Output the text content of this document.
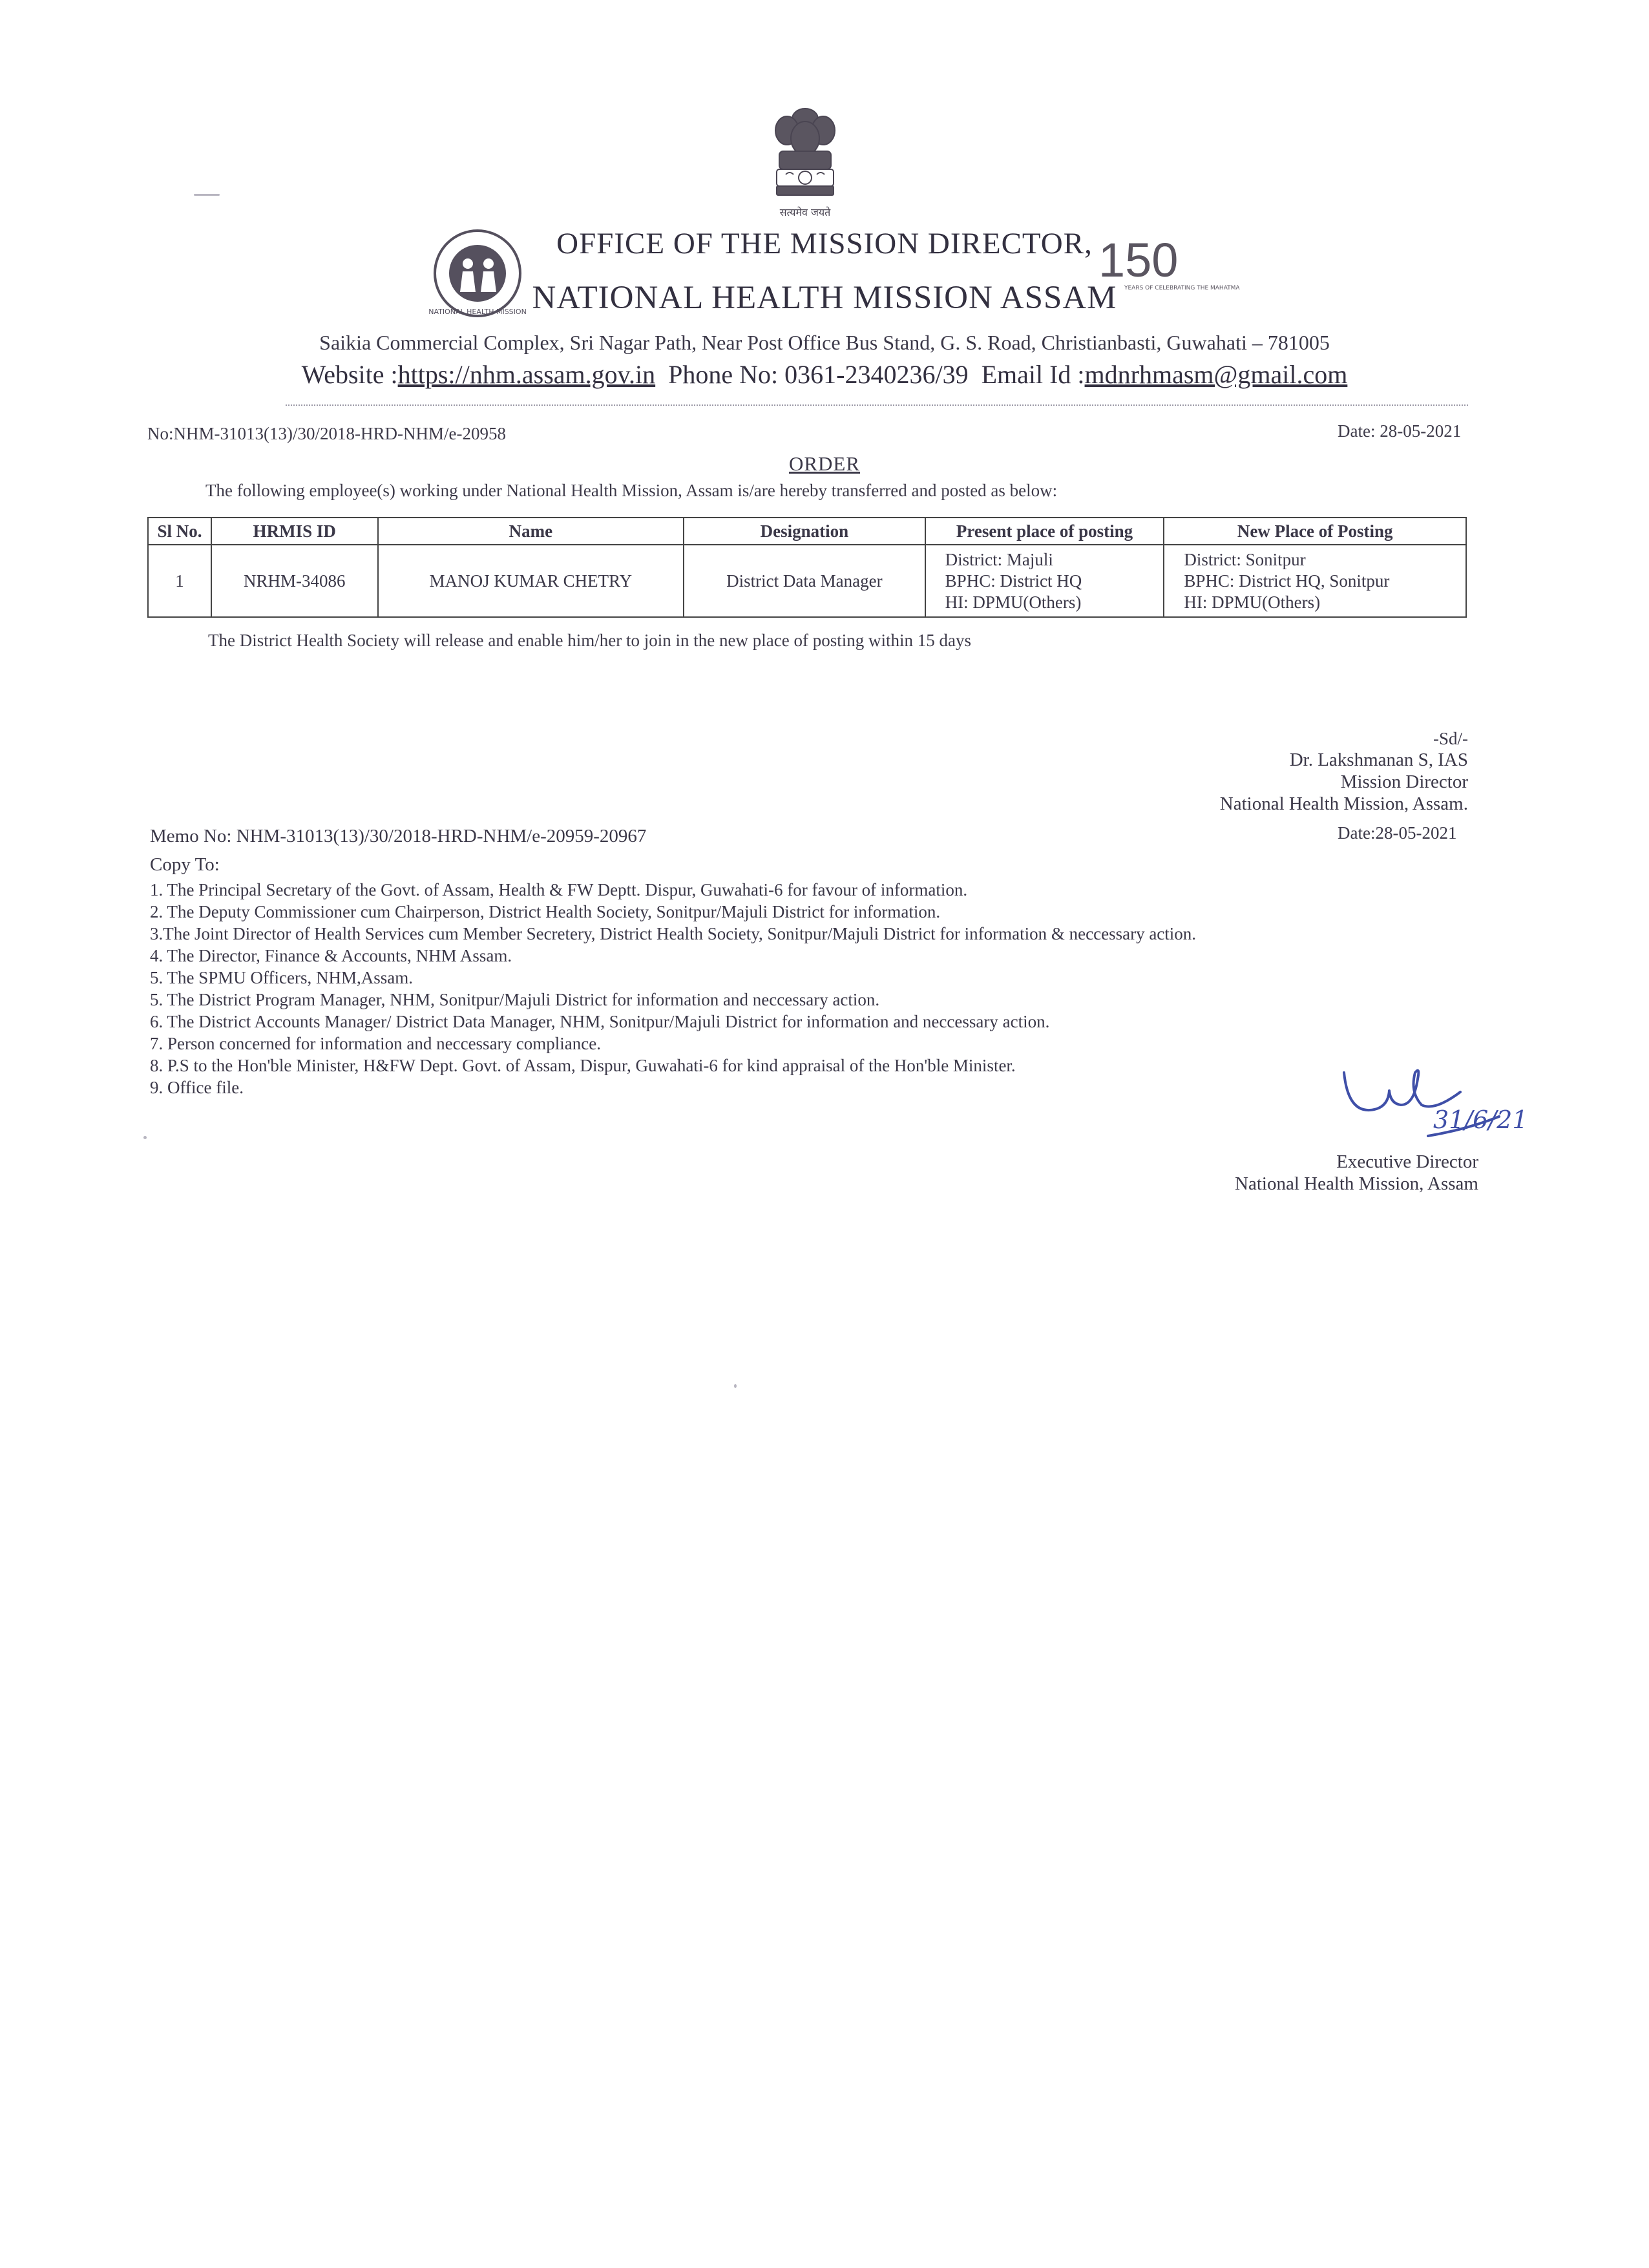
सत्यमेव जयते
NATIONAL HEALTH MISSION
150
YEARS OF CELEBRATING THE MAHATMA
OFFICE OF THE MISSION DIRECTOR,
NATIONAL HEALTH MISSION ASSAM
Saikia Commercial Complex, Sri Nagar Path, Near Post Office Bus Stand, G. S. Road, Christianbasti, Guwahati – 781005
Website :https://nhm.assam.gov.in Phone No: 0361-2340236/39 Email Id :mdnrhmasm@gmail.com
No:NHM-31013(13)/30/2018-HRD-NHM/e-20958	Date: 28-05-2021
ORDER
The following employee(s) working under National Health Mission, Assam is/are hereby transferred and posted as below:
Sl No.	HRMIS ID	Name	Designation	Present place of posting	New Place of Posting
1	NRHM-34086	MANOJ KUMAR CHETRY	District Data Manager	District: Majuli
BPHC: District HQ
HI: DPMU(Others)	District: Sonitpur
BPHC: District HQ, Sonitpur
HI: DPMU(Others)
The District Health Society will release and enable him/her to join in the new place of posting within 15 days
-Sd/-
Dr. Lakshmanan S, IAS
Mission Director
National Health Mission, Assam.
Memo No: NHM-31013(13)/30/2018-HRD-NHM/e-20959-20967	Date:28-05-2021
Copy To:
1. The Principal Secretary of the Govt. of Assam, Health & FW Deptt. Dispur, Guwahati-6 for favour of information.
2. The Deputy Commissioner cum Chairperson, District Health Society, Sonitpur/Majuli District for information.
3.The Joint Director of Health Services cum Member Secretery, District Health Society, Sonitpur/Majuli District for information & neccessary action.
4. The Director, Finance & Accounts, NHM Assam.
5. The SPMU Officers, NHM,Assam.
5. The District Program Manager, NHM, Sonitpur/Majuli District for information and neccessary action.
6. The District Accounts Manager/ District Data Manager, NHM, Sonitpur/Majuli District for information and neccessary action.
7. Person concerned for information and neccessary compliance.
8. P.S to the Hon'ble Minister, H&FW Dept. Govt. of Assam, Dispur, Guwahati-6 for kind appraisal of the Hon'ble Minister.
9. Office file.
31/6/21
Executive Director
National Health Mission, Assam
